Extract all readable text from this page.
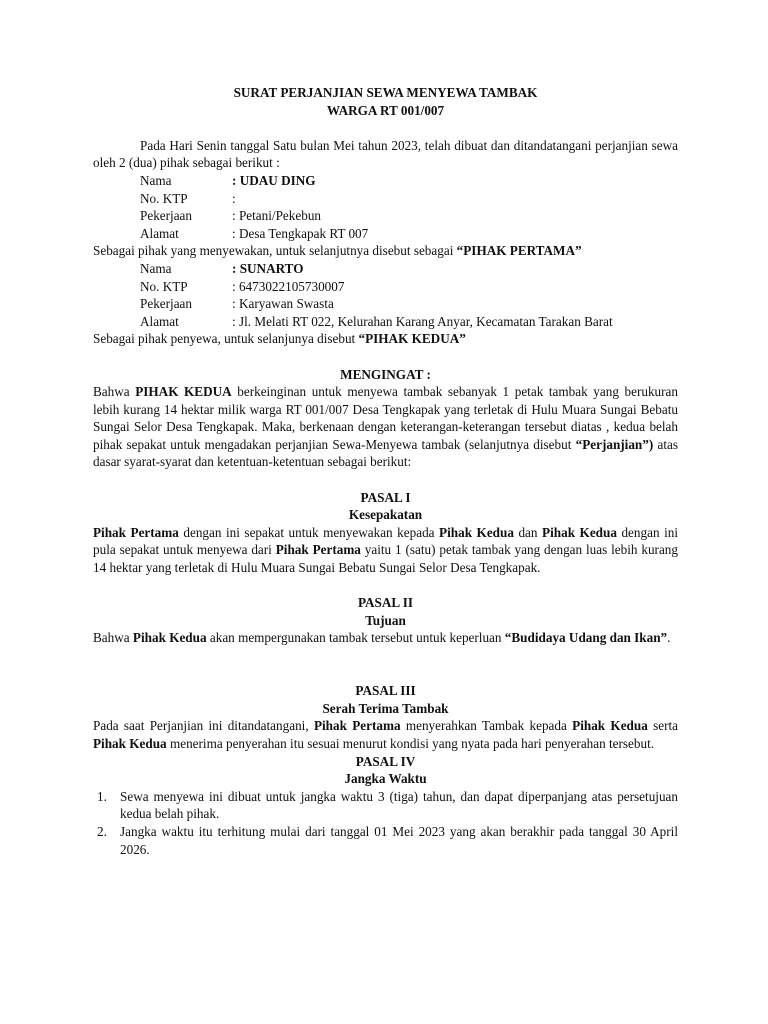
SURAT PERJANJIAN SEWA MENYEWA TAMBAK
WARGA RT 001/007

Pada Hari Senin tanggal Satu bulan Mei tahun 2023, telah dibuat dan ditandatangani perjanjian sewa oleh 2 (dua) pihak sebagai berikut :

Nama	: UDAU DING
No. KTP	:
Pekerjaan	: Petani/Pekebun
Alamat	: Desa Tengkapak RT 007

Sebagai pihak yang menyewakan, untuk selanjutnya disebut sebagai “PIHAK PERTAMA”

Nama	: SUNARTO
No. KTP	: 6473022105730007
Pekerjaan	: Karyawan Swasta
Alamat	: Jl. Melati RT 022, Kelurahan Karang Anyar, Kecamatan Tarakan Barat

Sebagai pihak penyewa, untuk selanjunya disebut “PIHAK KEDUA”

MENGINGAT :

Bahwa PIHAK KEDUA berkeinginan untuk menyewa tambak sebanyak 1 petak tambak yang berukuran lebih kurang 14 hektar milik warga RT 001/007 Desa Tengkapak yang terletak di Hulu Muara Sungai Bebatu Sungai Selor Desa Tengkapak. Maka, berkenaan dengan keterangan-keterangan tersebut diatas , kedua belah pihak sepakat untuk mengadakan perjanjian Sewa-Menyewa tambak (selanjutnya disebut “Perjanjian”) atas dasar syarat-syarat dan ketentuan-ketentuan sebagai berikut:

PASAL I
Kesepakatan

Pihak Pertama dengan ini sepakat untuk menyewakan kepada Pihak Kedua dan Pihak Kedua dengan ini pula sepakat untuk menyewa dari Pihak Pertama yaitu 1 (satu) petak tambak yang dengan luas lebih kurang 14 hektar yang terletak di Hulu Muara Sungai Bebatu Sungai Selor Desa Tengkapak.

PASAL II
Tujuan

Bahwa Pihak Kedua akan mempergunakan tambak tersebut untuk keperluan “Budidaya Udang dan Ikan”.

PASAL III
Serah Terima Tambak

Pada saat Perjanjian ini ditandatangani, Pihak Pertama menyerahkan Tambak kepada Pihak Kedua serta Pihak Kedua menerima penyerahan itu sesuai menurut kondisi yang nyata pada hari penyerahan tersebut.

PASAL IV
Jangka Waktu
1. Sewa menyewa ini dibuat untuk jangka waktu 3 (tiga) tahun, dan dapat diperpanjang atas persetujuan kedua belah pihak.
2. Jangka waktu itu terhitung mulai dari tanggal 01 Mei 2023 yang akan berakhir pada tanggal 30 April 2026.
